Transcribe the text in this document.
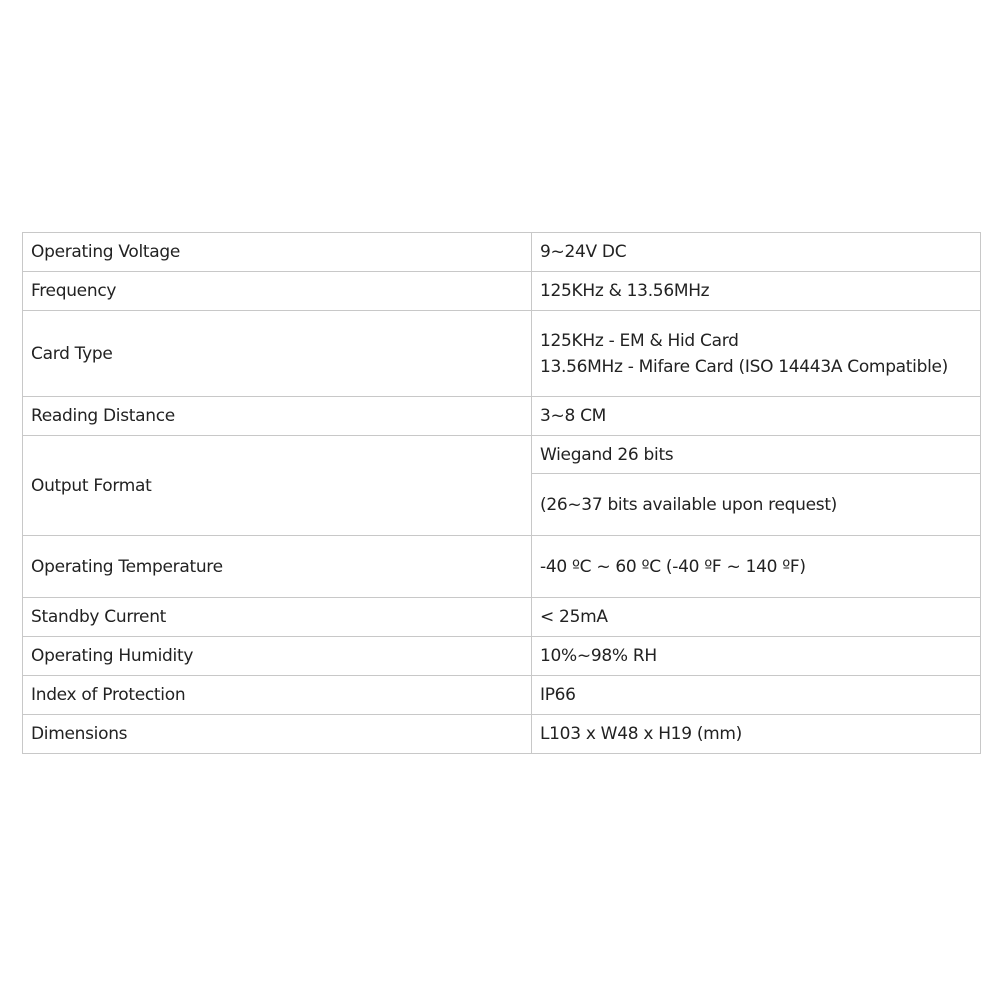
Operating Voltage	9~24V DC
Frequency	125KHz & 13.56MHz
Card Type	125KHz - EM & Hid Card
13.56MHz - Mifare Card (ISO 14443A Compatible)

Reading Distance	3~8 CM
Output Format	Wiegand 26 bits
	(26~37 bits available upon request)
Operating Temperature	-40 ºC ~ 60 ºC (-40 ºF ~ 140 ºF)
Standby Current	< 25mA
Operating Humidity	10%~98% RH
Index of Protection	IP66
Dimensions	L103 x W48 x H19 (mm)
